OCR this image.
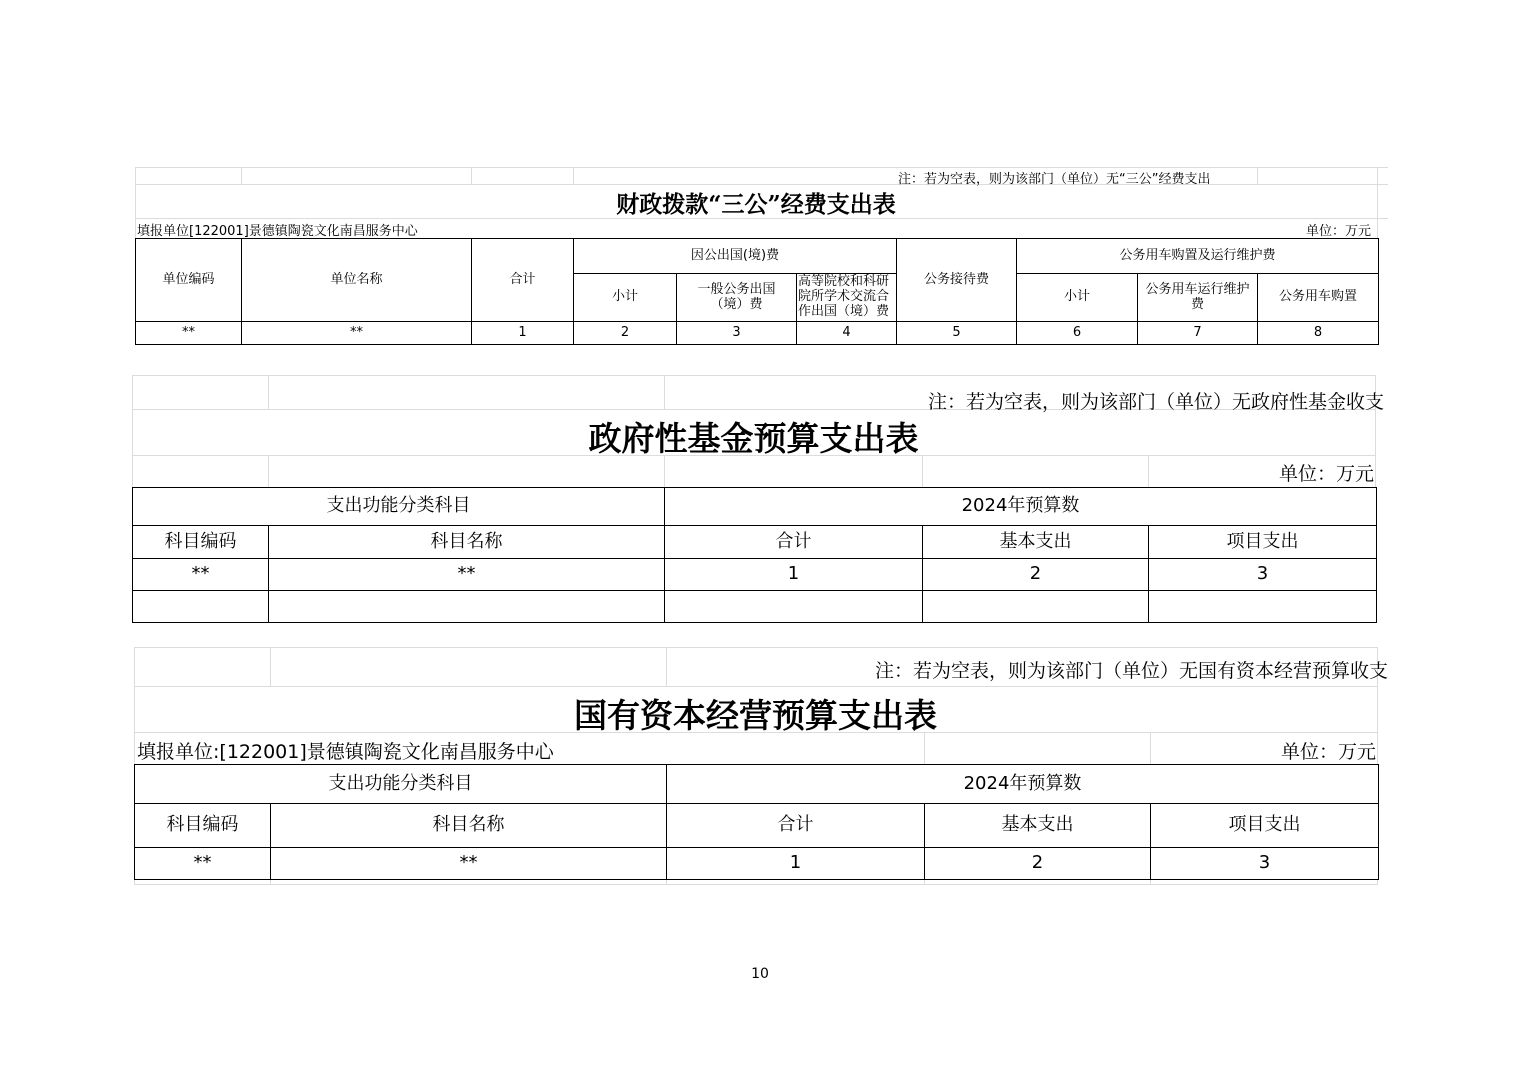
注：若为空表，则为该部门（单位）无“三公”经费支出
财政拨款“三公”经费支出表
填报单位[122001]景德镇陶瓷文化南昌服务中心	单位：万元
单位编码	单位名称	合计	因公出国(境)费			公务接待费	公务用车购置及运行维护费		
			小计	一般公务出国（境）费	高等院校和科研院所学术交流合作出国（境）费		小计	公务用车运行维护费	公务用车购置
**	**	1	2	3	4	5	6	7	8
注：若为空表，则为该部门（单位）无政府性基金收支
政府性基金预算支出表
单位：万元
支出功能分类科目		2024年预算数		
科目编码	科目名称	合计	基本支出	项目支出
**	**	1	2	3

注：若为空表，则为该部门（单位）无国有资本经营预算收支
国有资本经营预算支出表
填报单位:[122001]景德镇陶瓷文化南昌服务中心	单位：万元
支出功能分类科目		2024年预算数		
科目编码	科目名称	合计	基本支出	项目支出
**	**	1	2	3
10
